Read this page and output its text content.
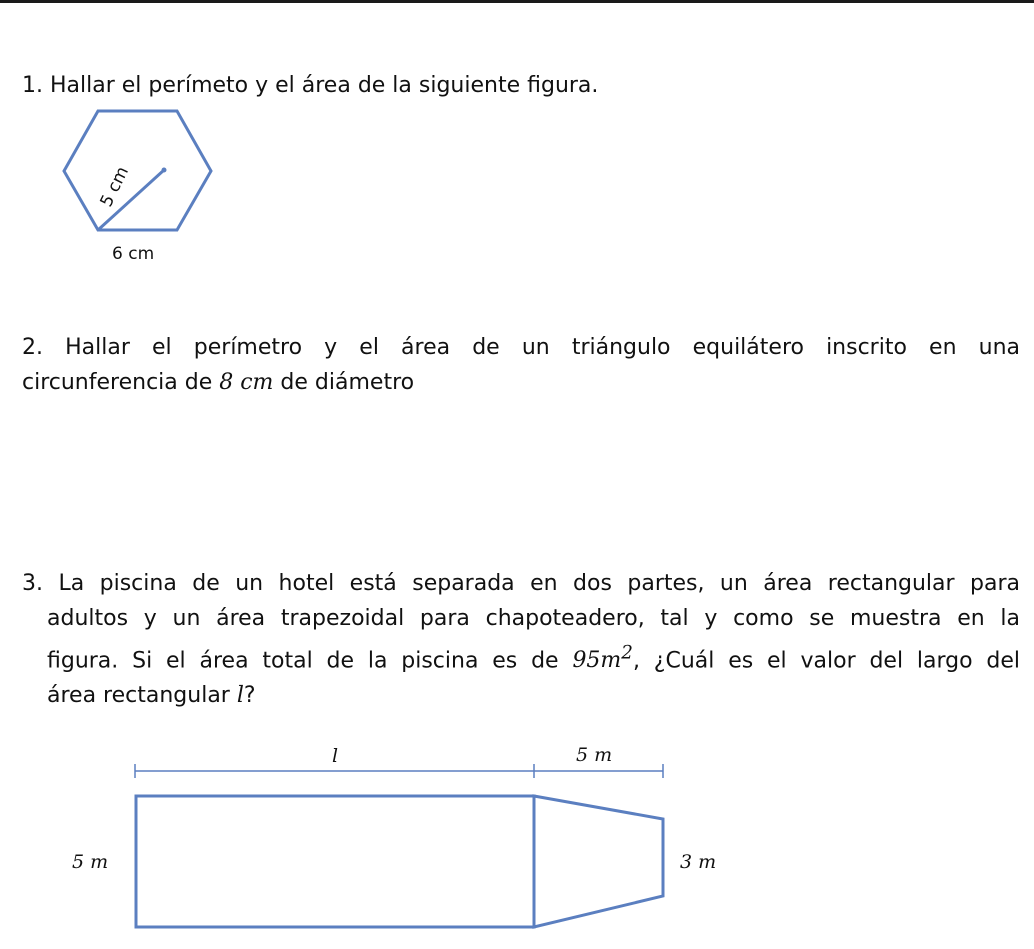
1. Hallar el perímeto y el área de la siguiente figura.

5 cm
6 cm
2. Hallar el perímetro y el área de un triángulo equilátero inscrito en una
circunferencia de 8 cm de diámetro
3. La piscina de un hotel está separada en dos partes, un área rectangular para
adultos y un área trapezoidal para chapoteadero, tal y como se muestra en la
figura. Si el área total de la piscina es de $95m^2$, ¿Cuál es el valor del largo del
área rectangular l?
l	5 m
5 m	3 m
